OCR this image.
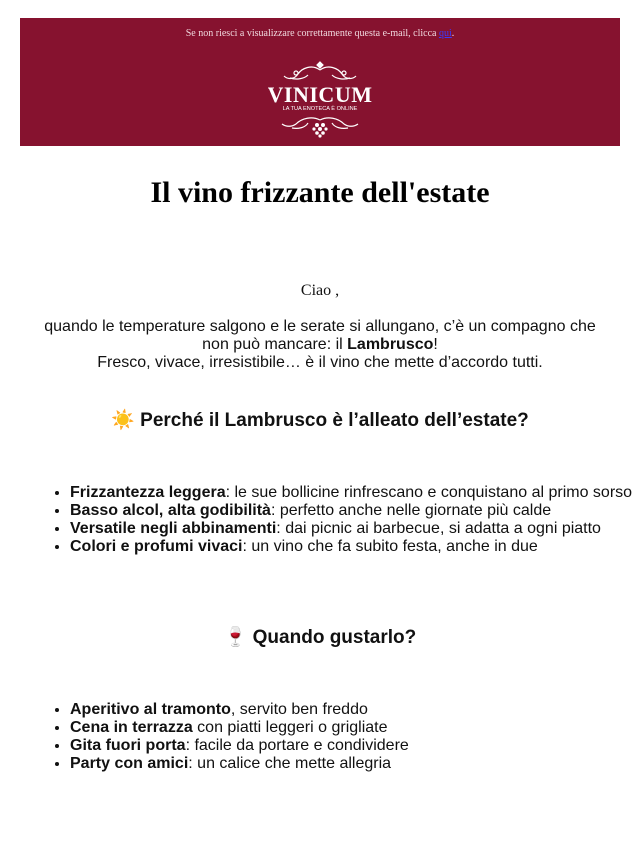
Se non riesci a visualizzare correttamente questa e-mail, clicca qui.
VINICUM
LA TUA ENOTECA È ONLINE
Il vino frizzante dell'estate
Ciao ,
quando le temperature salgono e le serate si allungano, c’è un compagno che non può mancare: il Lambrusco!
Fresco, vivace, irresistibile… è il vino che mette d’accordo tutti.
☀️ Perché il Lambrusco è l’alleato dell’estate?
• Frizzantezza leggera: le sue bollicine rinfrescano e conquistano al primo sorso
• Basso alcol, alta godibilità: perfetto anche nelle giornate più calde
• Versatile negli abbinamenti: dai picnic ai barbecue, si adatta a ogni piatto
• Colori e profumi vivaci: un vino che fa subito festa, anche in due
🍷 Quando gustarlo?
• Aperitivo al tramonto, servito ben freddo
• Cena in terrazza con piatti leggeri o grigliate
• Gita fuori porta: facile da portare e condividere
• Party con amici: un calice che mette allegria
